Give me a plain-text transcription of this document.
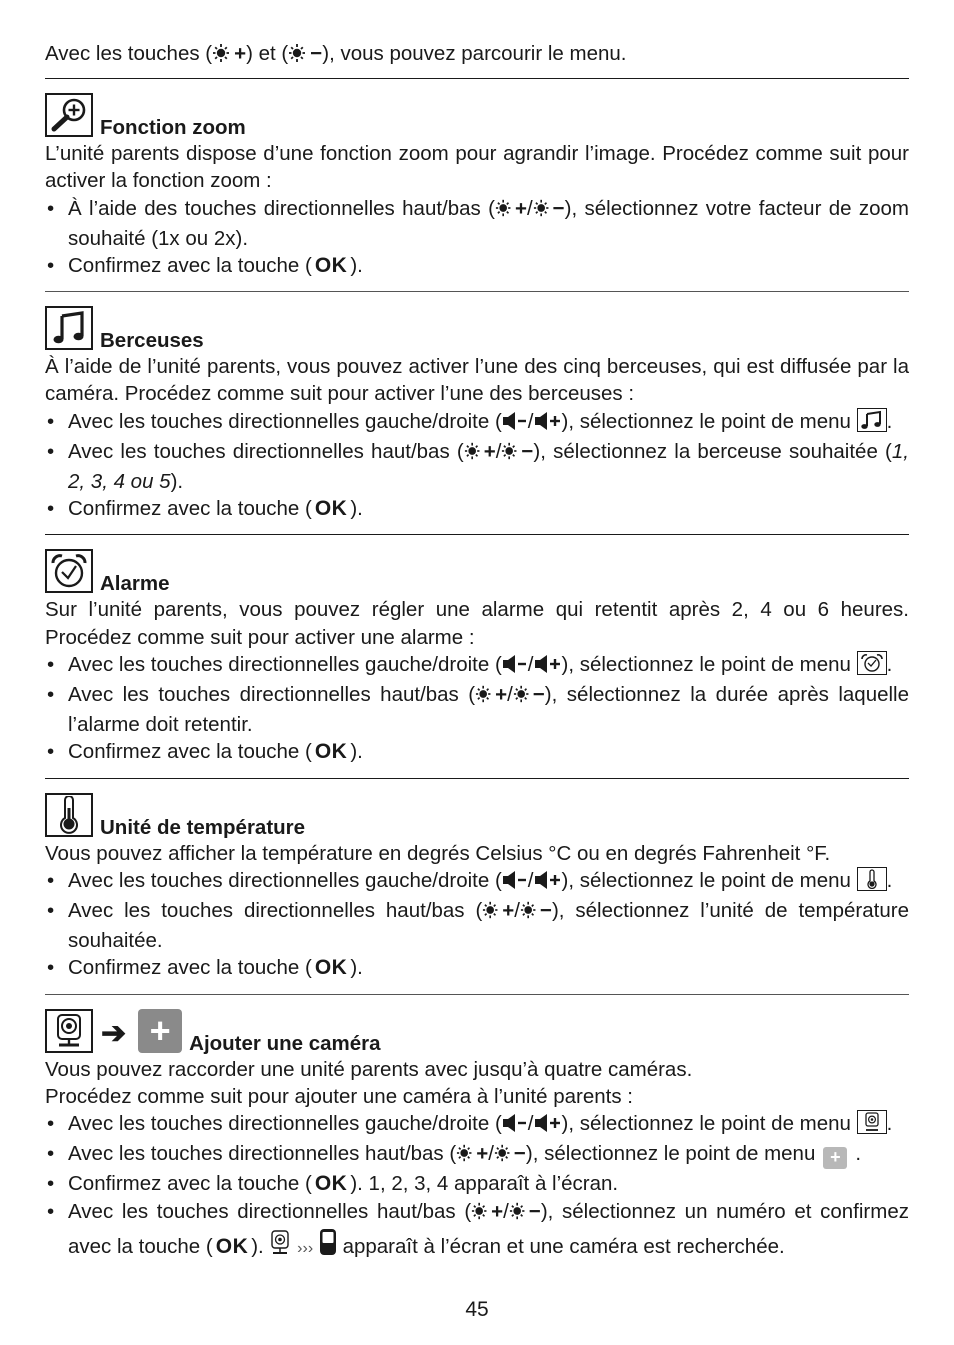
Avec les touches ( +) et ( −), vous pouvez parcourir le menu.

Fonction zoom

L’unité parents dispose d’une fonction zoom pour agrandir l’image. Procédez comme suit pour activer la fonction zoom :

• À l’aide des touches directionnelles haut/bas ( +/ −), sélectionnez votre facteur de zoom souhaité (1x ou 2x).
• Confirmez avec la touche ( OK ).
Berceuses

À l’aide de l’unité parents, vous pouvez activer l’une des cinq berceuses, qui est diffusée par la caméra. Procédez comme suit pour activer l’une des berceuses :

• Avec les touches directionnelles gauche/droite ( / ), sélectionnez le point de menu .
• Avec les touches directionnelles haut/bas ( +/ −), sélectionnez la berceuse souhaitée (1, 2, 3, 4 ou 5).
• Confirmez avec la touche ( OK ).
Alarme

Sur l’unité parents, vous pouvez régler une alarme qui retentit après 2, 4 ou 6 heures. Procédez comme suit pour activer une alarme :

• Avec les touches directionnelles gauche/droite ( / ), sélectionnez le point de menu .
• Avec les touches directionnelles haut/bas ( +/ −), sélectionnez la durée après laquelle l’alarme doit retentir.
• Confirmez avec la touche ( OK ).
Unité de température

Vous pouvez afficher la température en degrés Celsius °C ou en degrés Fahrenheit °F.

• Avec les touches directionnelles gauche/droite ( / ), sélectionnez le point de menu .
• Avec les touches directionnelles haut/bas ( +/ −), sélectionnez l’unité de température souhaitée.
• Confirmez avec la touche ( OK ).
➔ + Ajouter une caméra

Vous pouvez raccorder une unité parents avec jusqu’à quatre caméras.

Procédez comme suit pour ajouter une caméra à l’unité parents :

• Avec les touches directionnelles gauche/droite ( / ), sélectionnez le point de menu .
• Avec les touches directionnelles haut/bas ( +/ −), sélectionnez le point de menu + .
• Confirmez avec la touche ( OK ). 1, 2, 3, 4 apparaît à l’écran.
• Avec les touches directionnelles haut/bas ( +/ −), sélectionnez un numéro et confirmez avec la touche ( OK ). ››› apparaît à l’écran et une caméra est recherchée.
45
